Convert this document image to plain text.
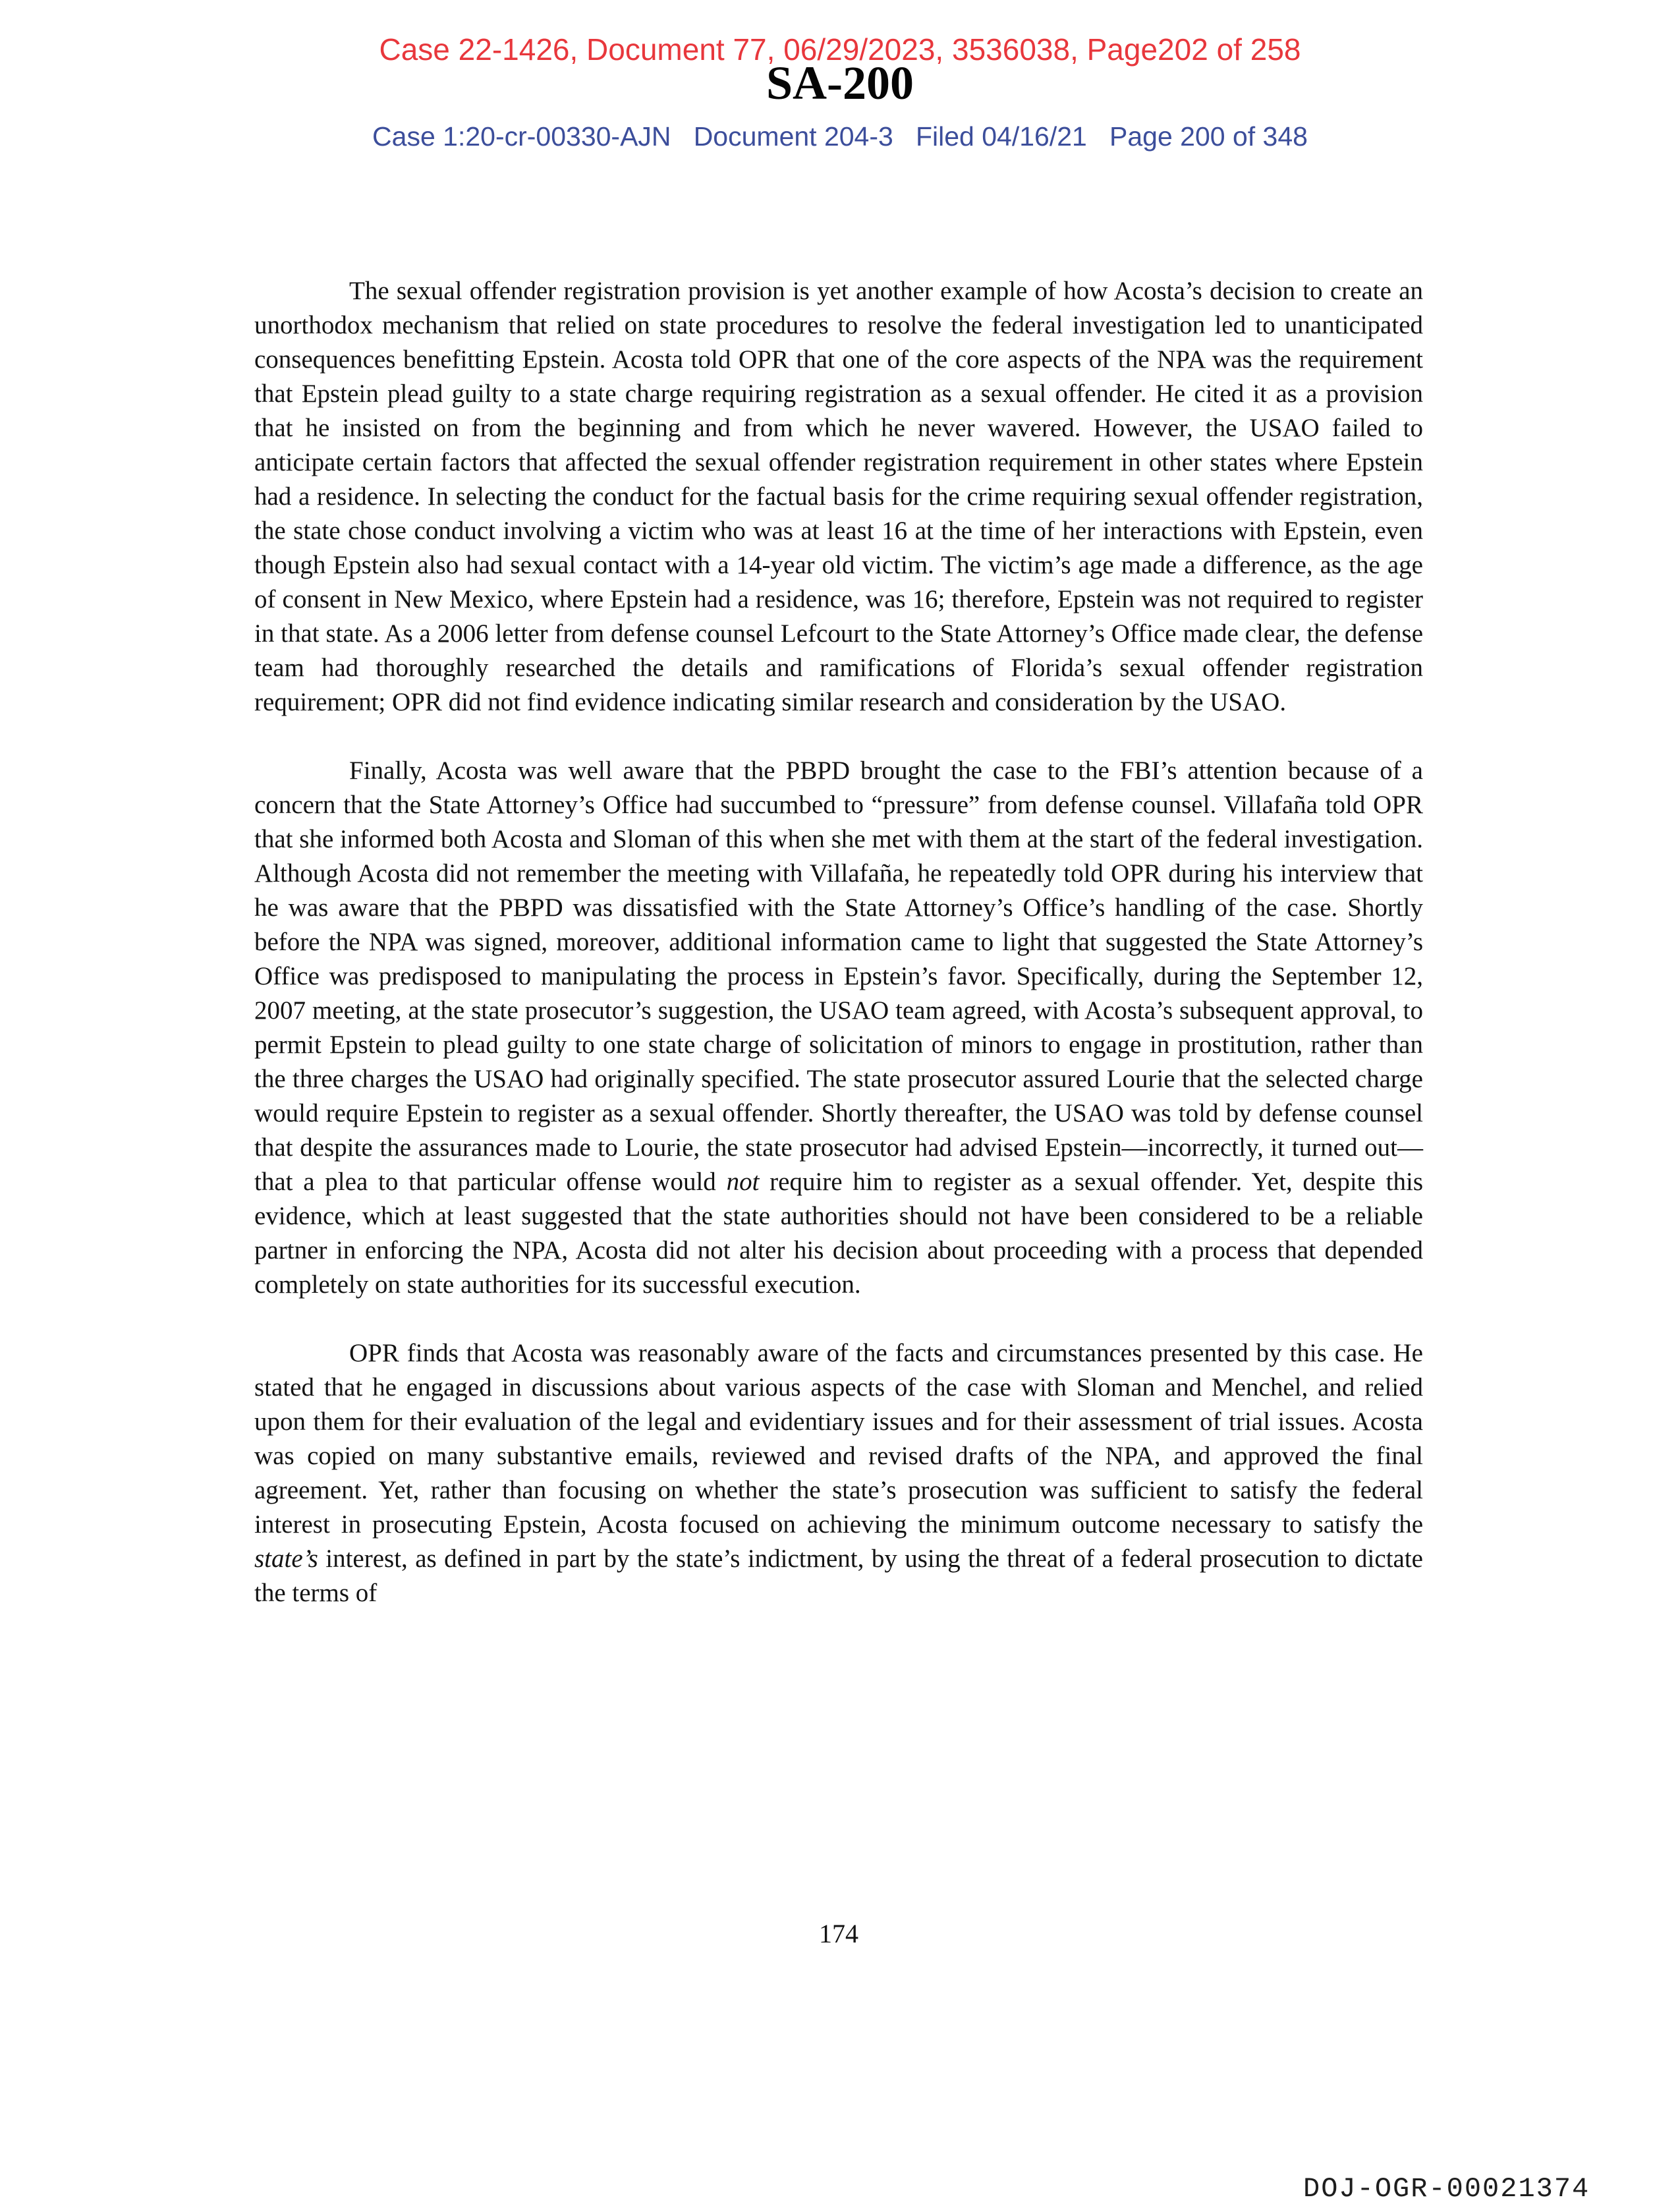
Case 22-1426, Document 77, 06/29/2023, 3536038, Page202 of 258
SA-200
Case 1:20-cr-00330-AJN   Document 204-3   Filed 04/16/21   Page 200 of 348

The sexual offender registration provision is yet another example of how Acosta’s decision to create an unorthodox mechanism that relied on state procedures to resolve the federal investigation led to unanticipated consequences benefitting Epstein. Acosta told OPR that one of the core aspects of the NPA was the requirement that Epstein plead guilty to a state charge requiring registration as a sexual offender. He cited it as a provision that he insisted on from the beginning and from which he never wavered. However, the USAO failed to anticipate certain factors that affected the sexual offender registration requirement in other states where Epstein had a residence. In selecting the conduct for the factual basis for the crime requiring sexual offender registration, the state chose conduct involving a victim who was at least 16 at the time of her interactions with Epstein, even though Epstein also had sexual contact with a 14-year old victim. The victim’s age made a difference, as the age of consent in New Mexico, where Epstein had a residence, was 16; therefore, Epstein was not required to register in that state. As a 2006 letter from defense counsel Lefcourt to the State Attorney’s Office made clear, the defense team had thoroughly researched the details and ramifications of Florida’s sexual offender registration requirement; OPR did not find evidence indicating similar research and consideration by the USAO.

Finally, Acosta was well aware that the PBPD brought the case to the FBI’s attention because of a concern that the State Attorney’s Office had succumbed to “pressure” from defense counsel. Villafaña told OPR that she informed both Acosta and Sloman of this when she met with them at the start of the federal investigation. Although Acosta did not remember the meeting with Villafaña, he repeatedly told OPR during his interview that he was aware that the PBPD was dissatisfied with the State Attorney’s Office’s handling of the case. Shortly before the NPA was signed, moreover, additional information came to light that suggested the State Attorney’s Office was predisposed to manipulating the process in Epstein’s favor. Specifically, during the September 12, 2007 meeting, at the state prosecutor’s suggestion, the USAO team agreed, with Acosta’s subsequent approval, to permit Epstein to plead guilty to one state charge of solicitation of minors to engage in prostitution, rather than the three charges the USAO had originally specified. The state prosecutor assured Lourie that the selected charge would require Epstein to register as a sexual offender. Shortly thereafter, the USAO was told by defense counsel that despite the assurances made to Lourie, the state prosecutor had advised Epstein—incorrectly, it turned out—that a plea to that particular offense would not require him to register as a sexual offender. Yet, despite this evidence, which at least suggested that the state authorities should not have been considered to be a reliable partner in enforcing the NPA, Acosta did not alter his decision about proceeding with a process that depended completely on state authorities for its successful execution.

OPR finds that Acosta was reasonably aware of the facts and circumstances presented by this case. He stated that he engaged in discussions about various aspects of the case with Sloman and Menchel, and relied upon them for their evaluation of the legal and evidentiary issues and for their assessment of trial issues. Acosta was copied on many substantive emails, reviewed and revised drafts of the NPA, and approved the final agreement. Yet, rather than focusing on whether the state’s prosecution was sufficient to satisfy the federal interest in prosecuting Epstein, Acosta focused on achieving the minimum outcome necessary to satisfy the state’s interest, as defined in part by the state’s indictment, by using the threat of a federal prosecution to dictate the terms of

174
DOJ-OGR-00021374
